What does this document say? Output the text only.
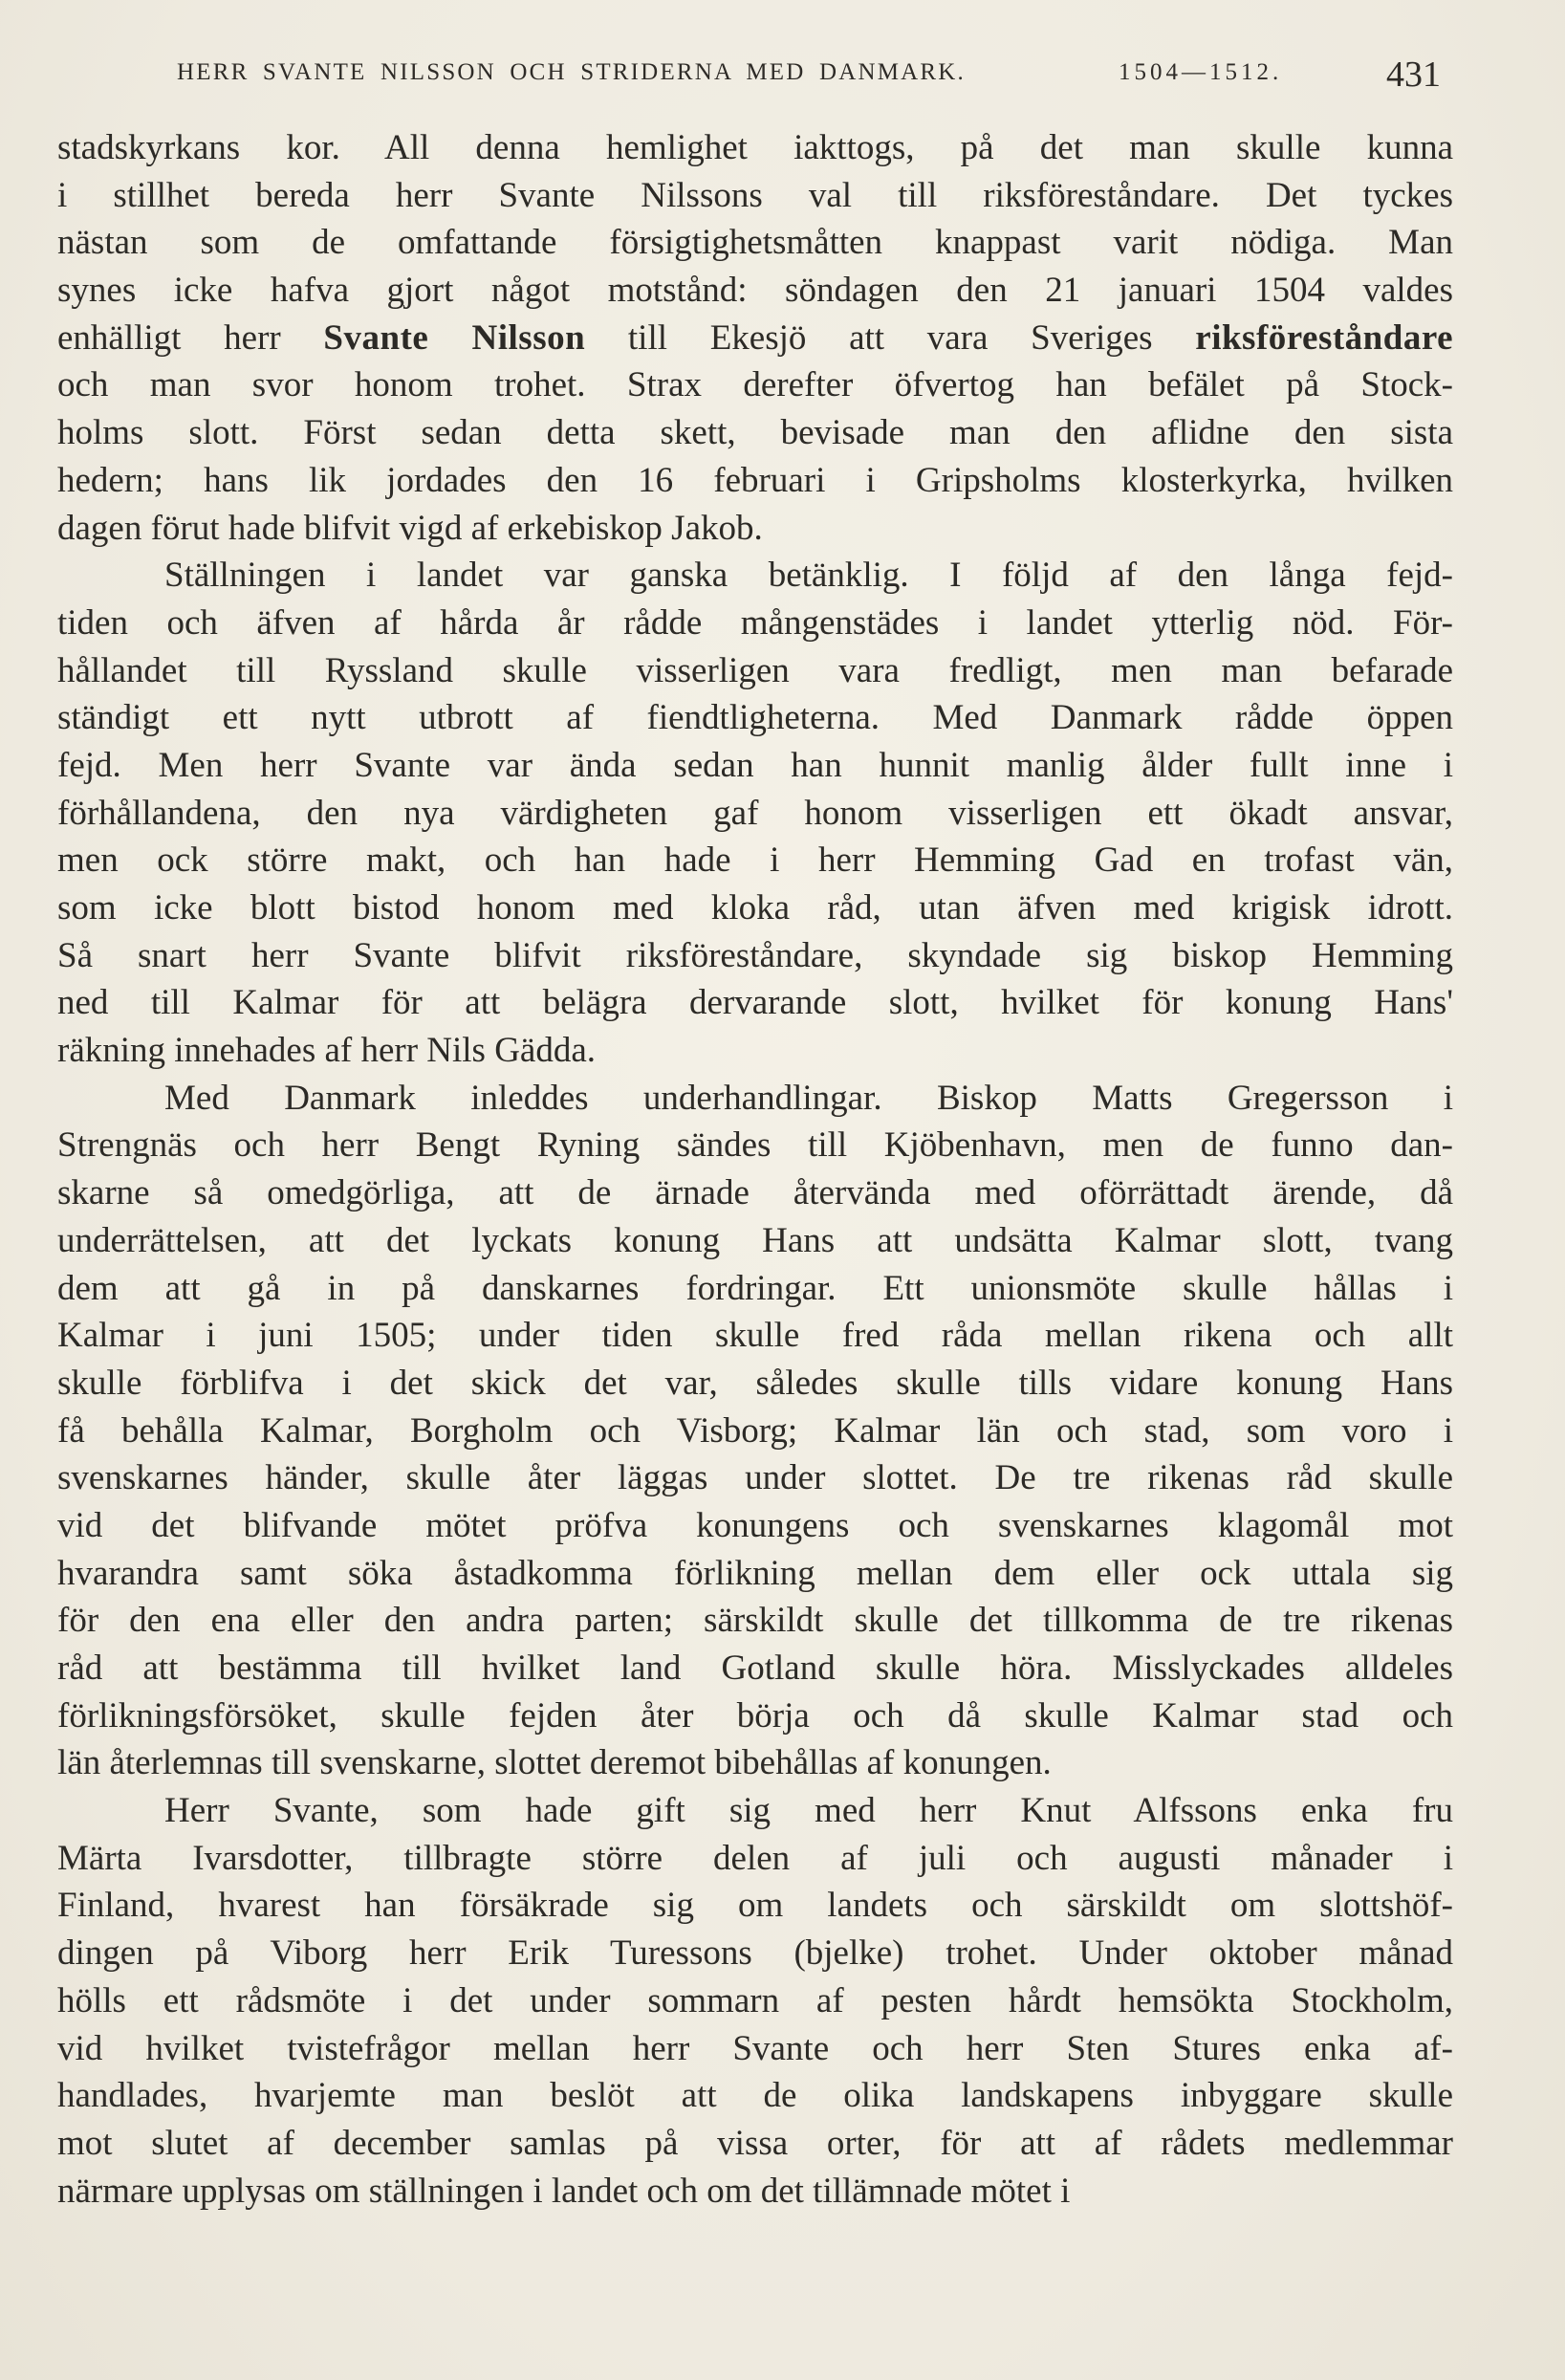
HERR SVANTE NILSSON OCH STRIDERNA MED DANMARK.	1504—1512.	431
stadskyrkans kor. All denna hemlighet iakttogs, på det man skulle kunna
i stillhet bereda herr Svante Nilssons val till riksföreståndare. Det tyckes
nästan som de omfattande försigtighetsmåtten knappast varit nödiga. Man
synes icke hafva gjort något motstånd: söndagen den 21 januari 1504 valdes
enhälligt herr Svante Nilsson till Ekesjö att vara Sveriges riksföreståndare
och man svor honom trohet. Strax derefter öfvertog han befälet på Stock-
holms slott. Först sedan detta skett, bevisade man den aflidne den sista
hedern; hans lik jordades den 16 februari i Gripsholms klosterkyrka, hvilken
dagen förut hade blifvit vigd af erkebiskop Jakob.
Ställningen i landet var ganska betänklig. I följd af den långa fejd-
tiden och äfven af hårda år rådde mångenstädes i landet ytterlig nöd. För-
hållandet till Ryssland skulle visserligen vara fredligt, men man befarade
ständigt ett nytt utbrott af fiendtligheterna. Med Danmark rådde öppen
fejd. Men herr Svante var ända sedan han hunnit manlig ålder fullt inne i
förhållandena, den nya värdigheten gaf honom visserligen ett ökadt ansvar,
men ock större makt, och han hade i herr Hemming Gad en trofast vän,
som icke blott bistod honom med kloka råd, utan äfven med krigisk idrott.
Så snart herr Svante blifvit riksföreståndare, skyndade sig biskop Hemming
ned till Kalmar för att belägra dervarande slott, hvilket för konung Hans'
räkning innehades af herr Nils Gädda.
Med Danmark inleddes underhandlingar. Biskop Matts Gregersson i
Strengnäs och herr Bengt Ryning sändes till Kjöbenhavn, men de funno dan-
skarne så omedgörliga, att de ärnade återvända med oförrättadt ärende, då
underrättelsen, att det lyckats konung Hans att undsätta Kalmar slott, tvang
dem att gå in på danskarnes fordringar. Ett unionsmöte skulle hållas i
Kalmar i juni 1505; under tiden skulle fred råda mellan rikena och allt
skulle förblifva i det skick det var, således skulle tills vidare konung Hans
få behålla Kalmar, Borgholm och Visborg; Kalmar län och stad, som voro i
svenskarnes händer, skulle åter läggas under slottet. De tre rikenas råd skulle
vid det blifvande mötet pröfva konungens och svenskarnes klagomål mot
hvarandra samt söka åstadkomma förlikning mellan dem eller ock uttala sig
för den ena eller den andra parten; särskildt skulle det tillkomma de tre rikenas
råd att bestämma till hvilket land Gotland skulle höra. Misslyckades alldeles
förlikningsförsöket, skulle fejden åter börja och då skulle Kalmar stad och
län återlemnas till svenskarne, slottet deremot bibehållas af konungen.
Herr Svante, som hade gift sig med herr Knut Alfssons enka fru
Märta Ivarsdotter, tillbragte större delen af juli och augusti månader i
Finland, hvarest han försäkrade sig om landets och särskildt om slottshöf-
dingen på Viborg herr Erik Turessons (bjelke) trohet. Under oktober månad
hölls ett rådsmöte i det under sommarn af pesten hårdt hemsökta Stockholm,
vid hvilket tvistefrågor mellan herr Svante och herr Sten Stures enka af-
handlades, hvarjemte man beslöt att de olika landskapens inbyggare skulle
mot slutet af december samlas på vissa orter, för att af rådets medlemmar
närmare upplysas om ställningen i landet och om det tillämnade mötet i
